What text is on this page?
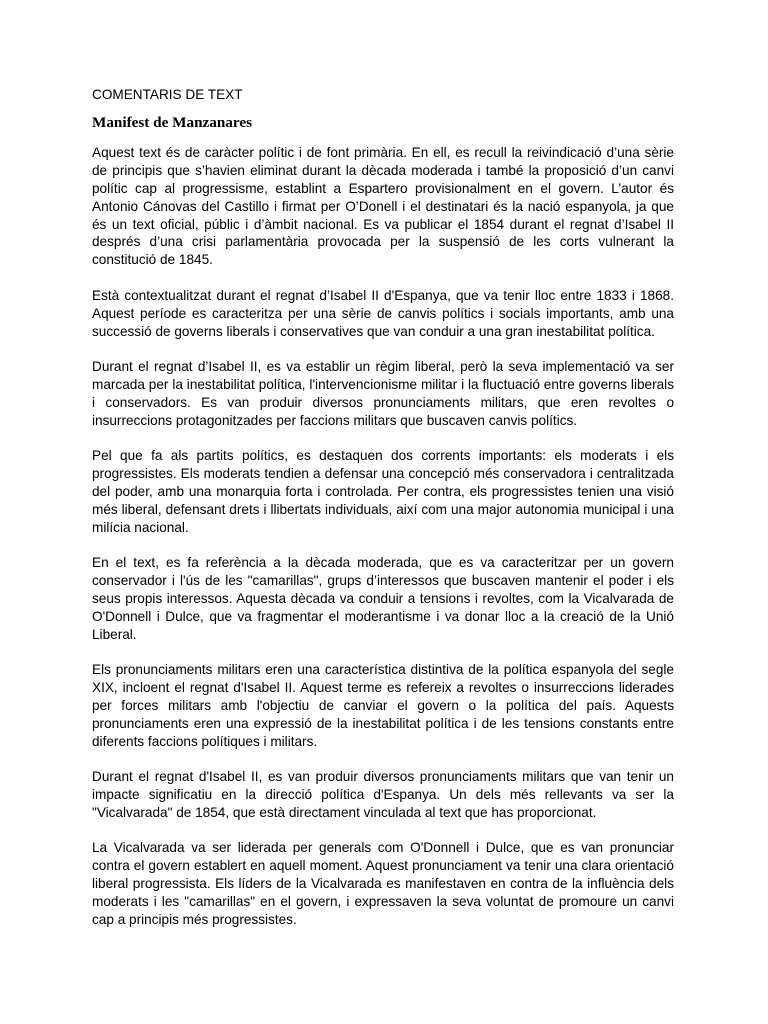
COMENTARIS DE TEXT
Manifest de Manzanares

Aquest text és de caràcter polític i de font primària. En ell, es recull la reivindicació d’una sèrie de principis que s’havien eliminat durant la dècada moderada i també la proposició d’un canvi polític cap al progressisme, establint a Espartero provisionalment en el govern. L’autor és Antonio Cánovas del Castillo i firmat per O’Donell i el destinatari és la nació espanyola, ja que és un text oficial, públic i d’àmbit nacional. Es va publicar el 1854 durant el regnat d’Isabel II després d’una crisi parlamentària provocada per la suspensió de les corts vulnerant la constitució de 1845.

Està contextualitzat durant el regnat d’Isabel II d'Espanya, que va tenir lloc entre 1833 i 1868. Aquest període es caracteritza per una sèrie de canvis polítics i socials importants, amb una successió de governs liberals i conservatives que van conduir a una gran inestabilitat política.

Durant el regnat d’Isabel II, es va establir un règim liberal, però la seva implementació va ser marcada per la inestabilitat política, l'intervencionisme militar i la fluctuació entre governs liberals i conservadors. Es van produir diversos pronunciaments militars, que eren revoltes o insurreccions protagonitzades per faccions militars que buscaven canvis polítics.

Pel que fa als partits polítics, es destaquen dos corrents importants: els moderats i els progressistes. Els moderats tendien a defensar una concepció més conservadora i centralitzada del poder, amb una monarquia forta i controlada. Per contra, els progressistes tenien una visió més liberal, defensant drets i llibertats individuals, així com una major autonomia municipal i una milícia nacional.

En el text, es fa referència a la dècada moderada, que es va caracteritzar per un govern conservador i l'ús de les "camarillas", grups d’interessos que buscaven mantenir el poder i els seus propis interessos. Aquesta dècada va conduir a tensions i revoltes, com la Vicalvarada de O'Donnell i Dulce, que va fragmentar el moderantisme i va donar lloc a la creació de la Unió Liberal.

Els pronunciaments militars eren una característica distintiva de la política espanyola del segle XIX, incloent el regnat d'Isabel II. Aquest terme es refereix a revoltes o insurreccions liderades per forces militars amb l'objectiu de canviar el govern o la política del país. Aquests pronunciaments eren una expressió de la inestabilitat política i de les tensions constants entre diferents faccions polítiques i militars.

Durant el regnat d'Isabel II, es van produir diversos pronunciaments militars que van tenir un impacte significatiu en la direcció política d'Espanya. Un dels més rellevants va ser la "Vicalvarada" de 1854, que està directament vinculada al text que has proporcionat.

La Vicalvarada va ser liderada per generals com O'Donnell i Dulce, que es van pronunciar contra el govern establert en aquell moment. Aquest pronunciament va tenir una clara orientació liberal progressista. Els líders de la Vicalvarada es manifestaven en contra de la influència dels moderats i les "camarillas" en el govern, i expressaven la seva voluntat de promoure un canvi cap a principis més progressistes.
